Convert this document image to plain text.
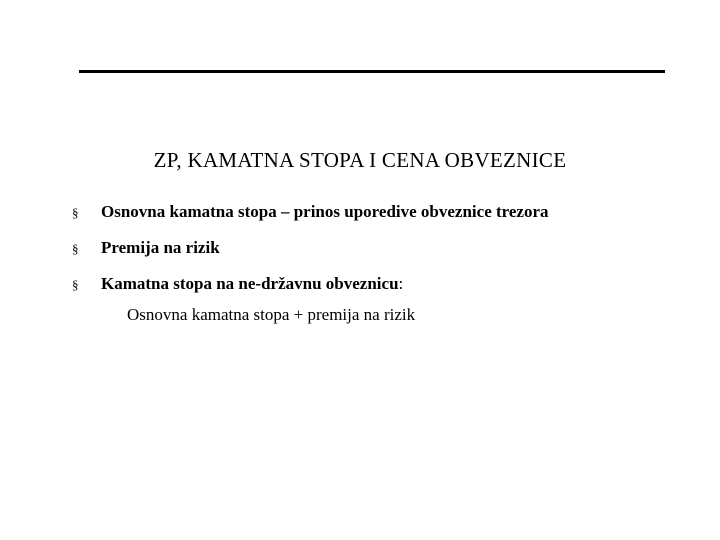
ZP, KAMATNA STOPA I CENA OBVEZNICE
§ Osnovna kamatna stopa – prinos uporedive obveznice trezora
§ Premija na rizik
§ Kamatna stopa na ne-državnu obveznicu:
Osnovna kamatna stopa + premija na rizik
